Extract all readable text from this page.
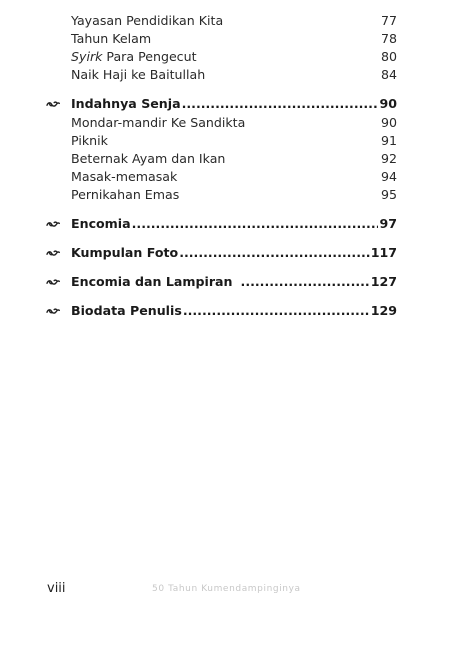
Yayasan Pendidikan Kita	77
Tahun Kelam	78
Syirk Para Pengecut	80
Naik Haji ke Baitullah	84
Indahnya Senja .....	90
Mondar-mandir Ke Sandikta	90
Piknik	91
Beternak Ayam dan Ikan	92
Masak-memasak	94
Pernikahan Emas	95
Encomia .....	97
Kumpulan Foto .....	117
Encomia dan Lampiran .....	127
Biodata Penulis .....	129
viii	50 Tahun Kumendampinginya
